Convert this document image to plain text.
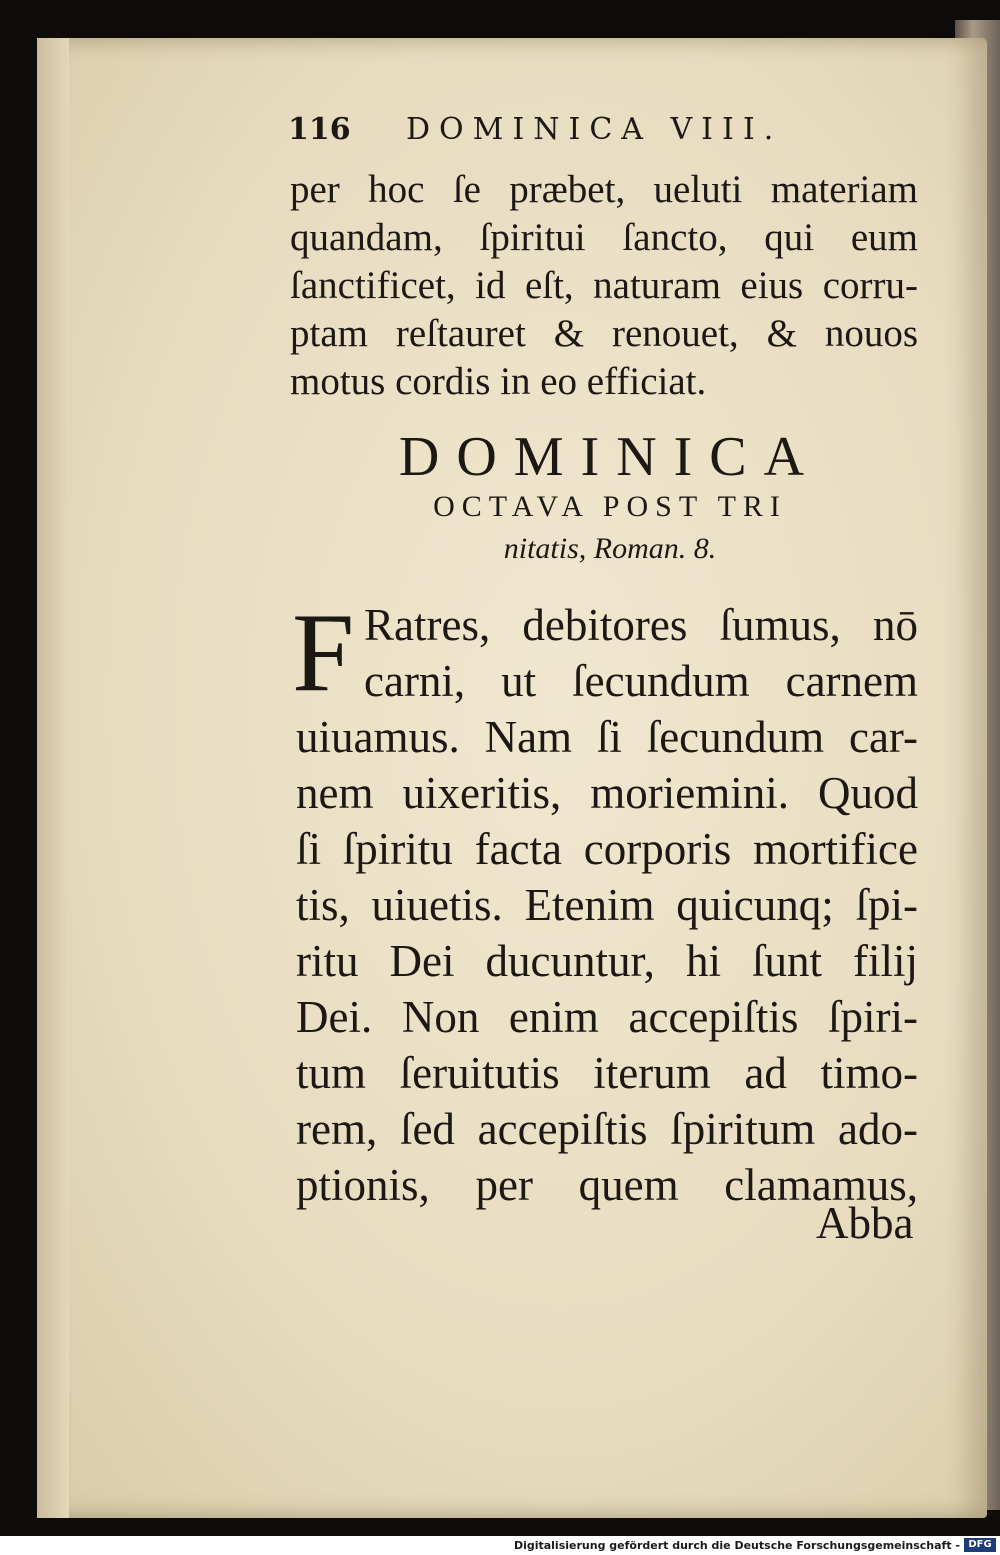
116 DOMINICA VIII.
per hoc ſe præbet, ueluti materiam
quandam, ſpiritui ſancto, qui eum
ſanctificet, id eſt, naturam eius corru-
ptam reſtauret & renouet, & nouos
motus cordis in eo efficiat.
DOMINICA
OCTAVA POST TRI
nitatis, Roman. 8.
F Ratres, debitores ſumus, nō
carni, ut ſecundum carnem
uiuamus. Nam ſi ſecundum car-
nem uixeritis, moriemini. Quod
ſi ſpiritu facta corporis mortifice
tis, uiuetis. Etenim quicunq; ſpi-
ritu Dei ducuntur, hi ſunt filij
Dei. Non enim accepiſtis ſpiri-
tum ſeruitutis iterum ad timo-
rem, ſed accepiſtis ſpiritum ado-
ptionis, per quem clamamus,
Abba
Digitalisierung gefördert durch die Deutsche Forschungsgemeinschaft - DFG
